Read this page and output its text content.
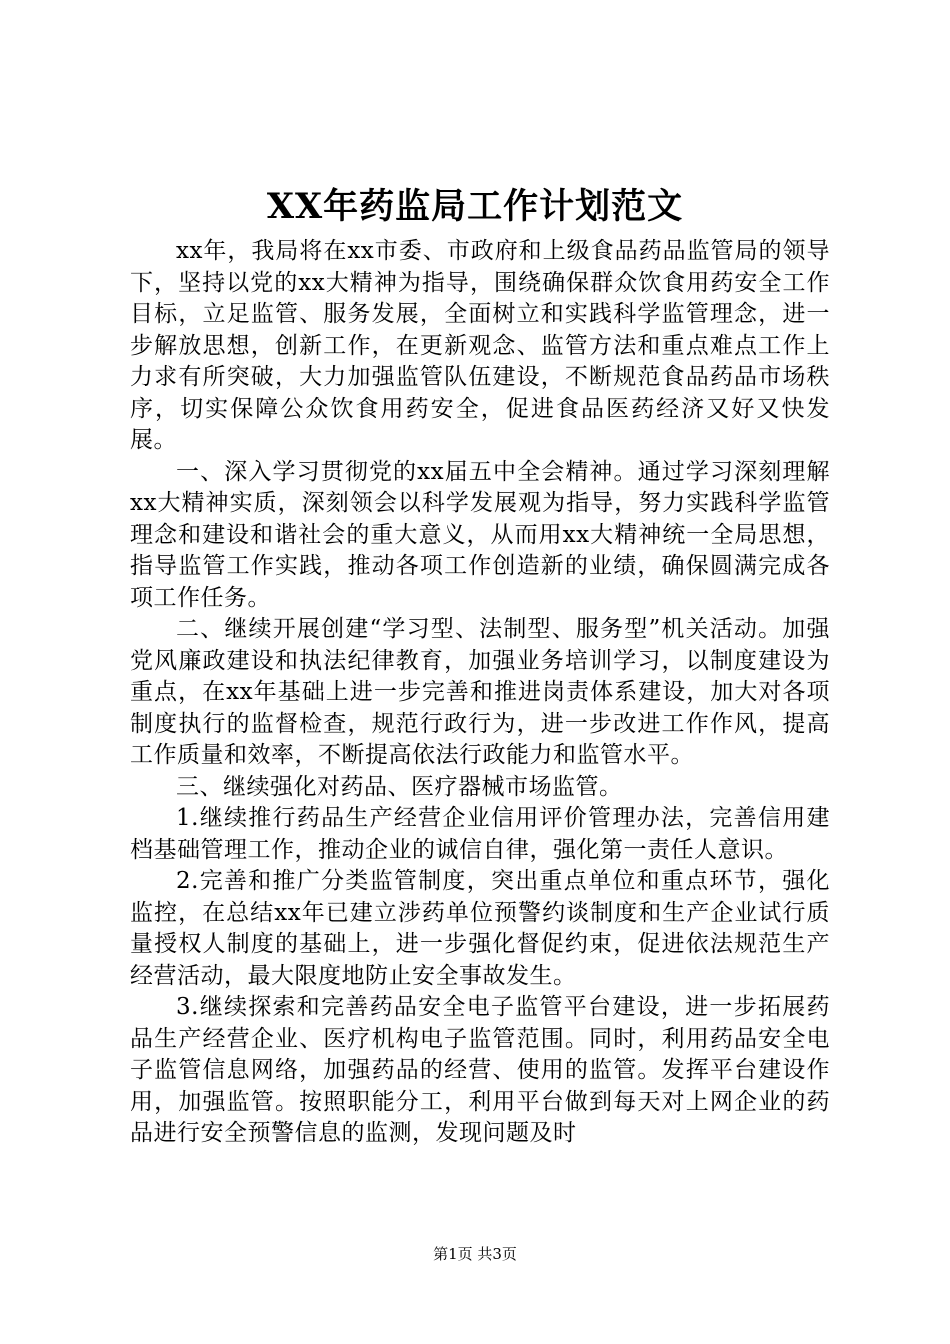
XX年药监局工作计划范文

xx年，我局将在xx市委、市政府和上级食品药品监管局的领导下，坚持以党的xx大精神为指导，围绕确保群众饮食用药安全工作目标，立足监管、服务发展，全面树立和实践科学监管理念，进一步解放思想，创新工作，在更新观念、监管方法和重点难点工作上力求有所突破，大力加强监管队伍建设，不断规范食品药品市场秩序，切实保障公众饮食用药安全，促进食品医药经济又好又快发展。

一、深入学习贯彻党的xx届五中全会精神。通过学习深刻理解xx大精神实质，深刻领会以科学发展观为指导，努力实践科学监管理念和建设和谐社会的重大意义，从而用xx大精神统一全局思想，指导监管工作实践，推动各项工作创造新的业绩，确保圆满完成各项工作任务。

二、继续开展创建“学习型、法制型、服务型”机关活动。加强党风廉政建设和执法纪律教育，加强业务培训学习，以制度建设为重点，在xx年基础上进一步完善和推进岗责体系建设，加大对各项制度执行的监督检查，规范行政行为，进一步改进工作作风，提高工作质量和效率，不断提高依法行政能力和监管水平。

三、继续强化对药品、医疗器械市场监管。

1.继续推行药品生产经营企业信用评价管理办法，完善信用建档基础管理工作，推动企业的诚信自律，强化第一责任人意识。

2.完善和推广分类监管制度，突出重点单位和重点环节，强化监控，在总结xx年已建立涉药单位预警约谈制度和生产企业试行质量授权人制度的基础上，进一步强化督促约束，促进依法规范生产经营活动，最大限度地防止安全事故发生。

3.继续探索和完善药品安全电子监管平台建设，进一步拓展药品生产经营企业、医疗机构电子监管范围。同时，利用药品安全电子监管信息网络，加强药品的经营、使用的监管。发挥平台建设作用，加强监管。按照职能分工，利用平台做到每天对上网企业的药品进行安全预警信息的监测，发现问题及时

第1页 共3页
